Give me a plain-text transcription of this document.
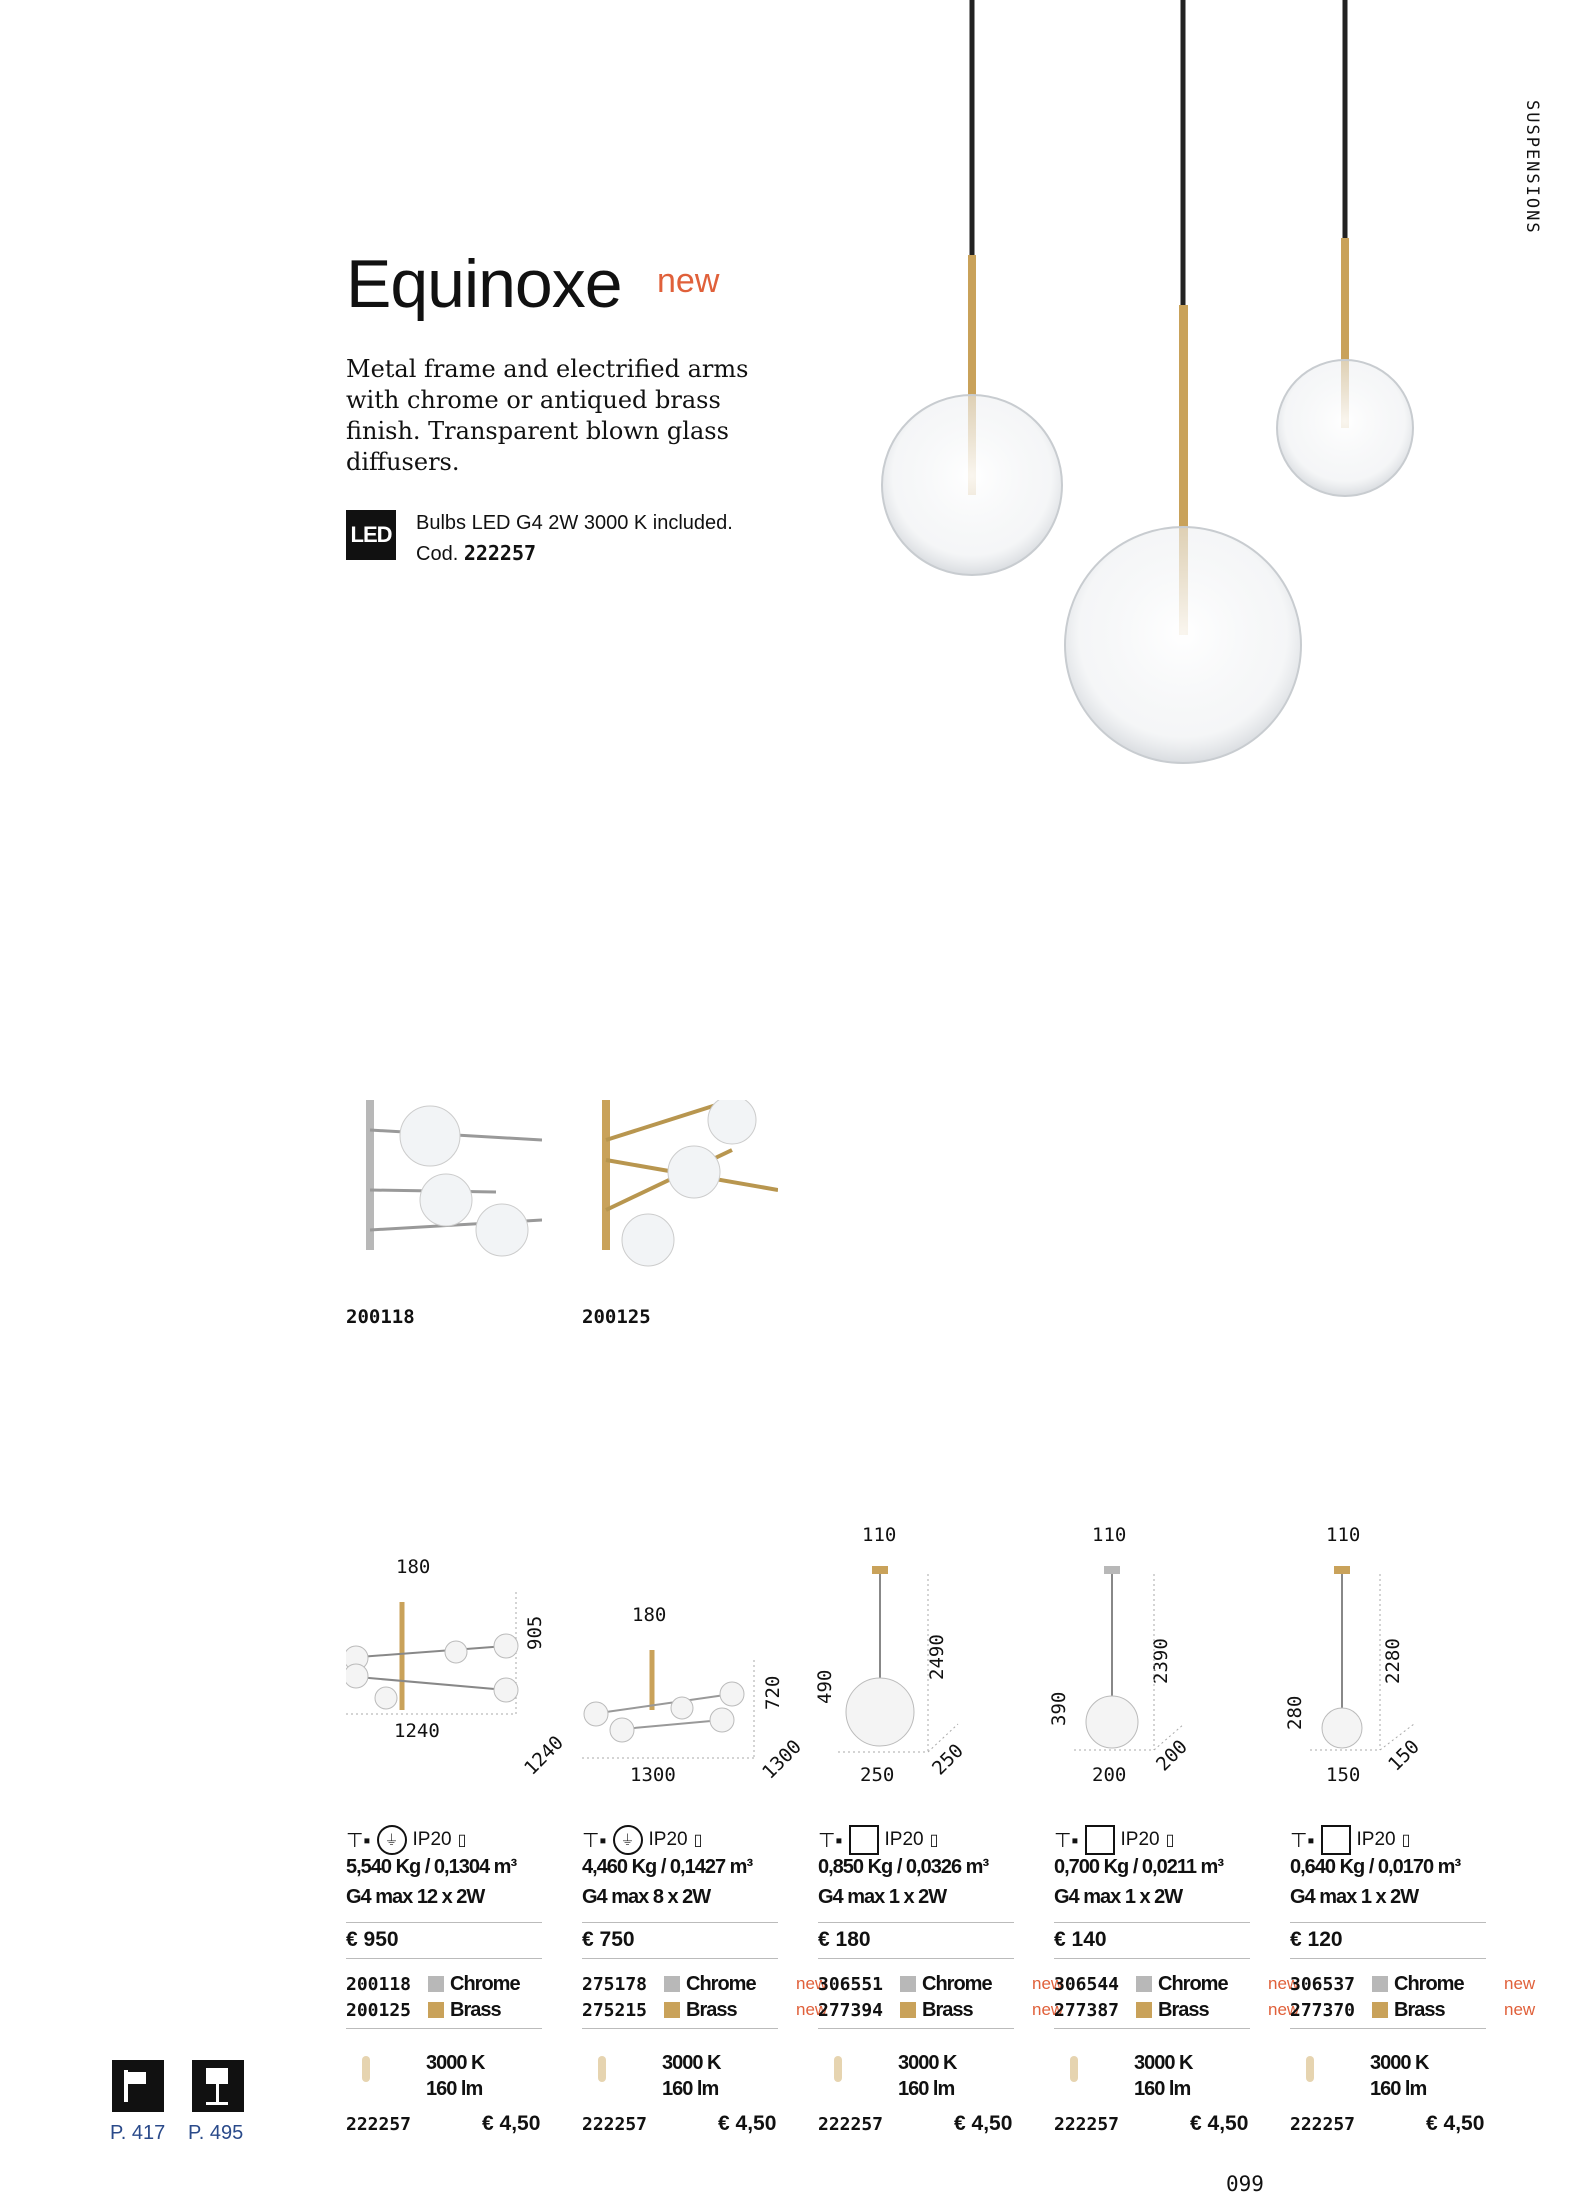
SUSPENSIONS
Equinoxe new
Metal frame and electrified arms with chrome or antiqued brass finish. Transparent blown glass diffusers.
LED Bulbs LED G4 2W 3000 K included.
Cod. 222257
200118	200125
180
905
1240
1240
⊤▪	⏚ IP20 ▯
5,540 Kg / 0,1304 m³
G4 max 12 x 2W
€ 950
200118	Chrome
200125	Brass
3000 K
160 lm
222257	€ 4,50
180
720
1300	1300
⊤▪	⏚ IP20 ▯
4,460 Kg / 0,1427 m³
G4 max 8 x 2W
€ 750
275178	Chrome new
275215	Brass	new
3000 K
160 lm
222257	€ 4,50
110
2490
490
250 250
⊤▪ IP20 ▯
0,850 Kg / 0,0326 m³
G4 max 1 x 2W
€ 180
306551	Chrome new
277394	Brass	new
3000 K
160 lm
222257	€ 4,50
110
2390
390
200 200
⊤▪ IP20 ▯
0,700 Kg / 0,0211 m³
G4 max 1 x 2W
€ 140
306544	Chrome new
277387	Brass	new
3000 K
160 lm
222257	€ 4,50
110
2280
280
150 150
⊤▪ IP20 ▯
0,640 Kg / 0,0170 m³
G4 max 1 x 2W
€ 120
306537	Chrome new
277370	Brass	new
3000 K
160 lm
222257	€ 4,50
P. 417 P. 495
099
